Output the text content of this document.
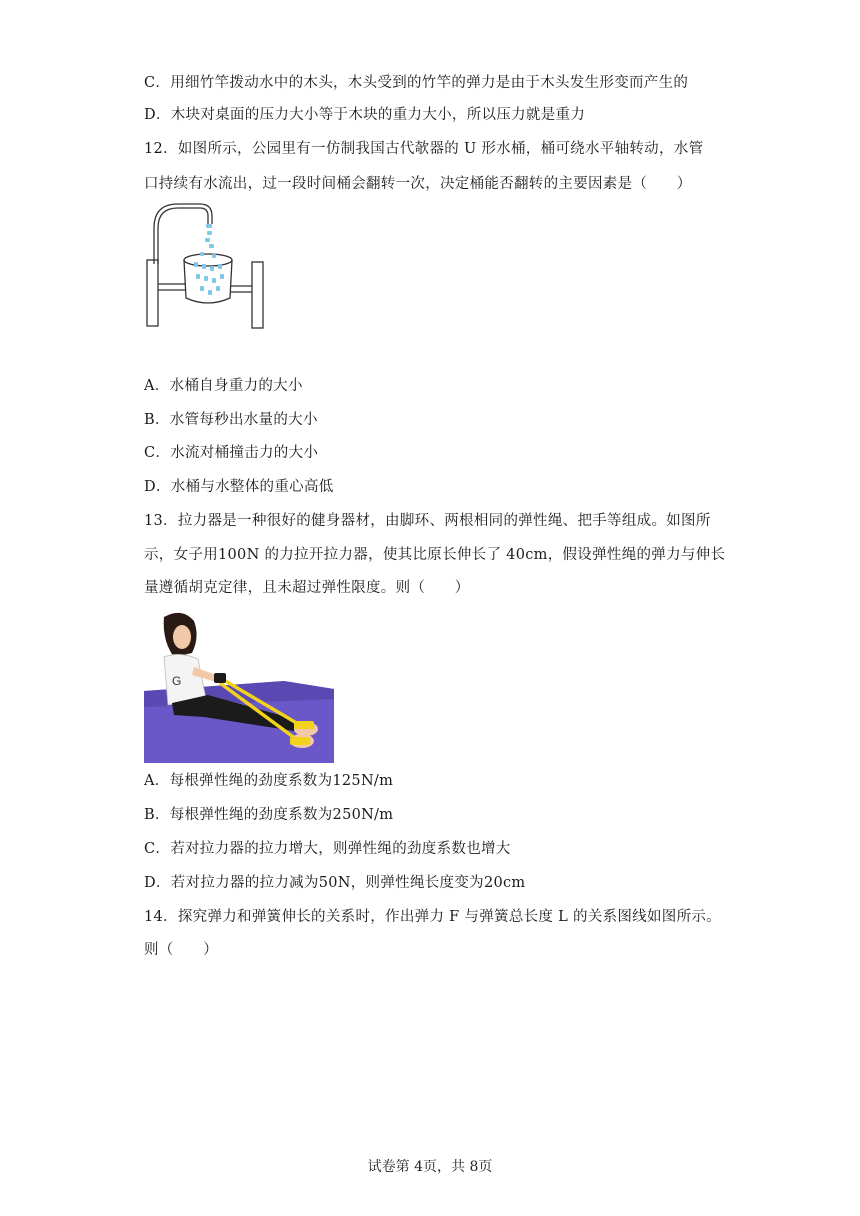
C．用细竹竿拨动水中的木头，木头受到的竹竿的弹力是由于木头发生形变而产生的
D．木块对桌面的压力大小等于木块的重力大小，所以压力就是重力
12．如图所示，公园里有一仿制我国古代欹器的 U 形水桶，桶可绕水平轴转动，水管
口持续有水流出，过一段时间桶会翻转一次，决定桶能否翻转的主要因素是（　　）
A．水桶自身重力的大小
B．水管每秒出水量的大小
C．水流对桶撞击力的大小
D．水桶与水整体的重心高低
13．拉力器是一种很好的健身器材，由脚环、两根相同的弹性绳、把手等组成。如图所
示，女子用100N 的力拉开拉力器，使其比原长伸长了 40cm，假设弹性绳的弹力与伸长
量遵循胡克定律，且未超过弹性限度。则（　　）
G
A．每根弹性绳的劲度系数为125N/m
B．每根弹性绳的劲度系数为250N/m
C．若对拉力器的拉力增大，则弹性绳的劲度系数也增大
D．若对拉力器的拉力减为50N，则弹性绳长度变为20cm
14．探究弹力和弹簧伸长的关系时，作出弹力 F 与弹簧总长度 L 的关系图线如图所示。
则（　　）
试卷第 4页，共 8页
